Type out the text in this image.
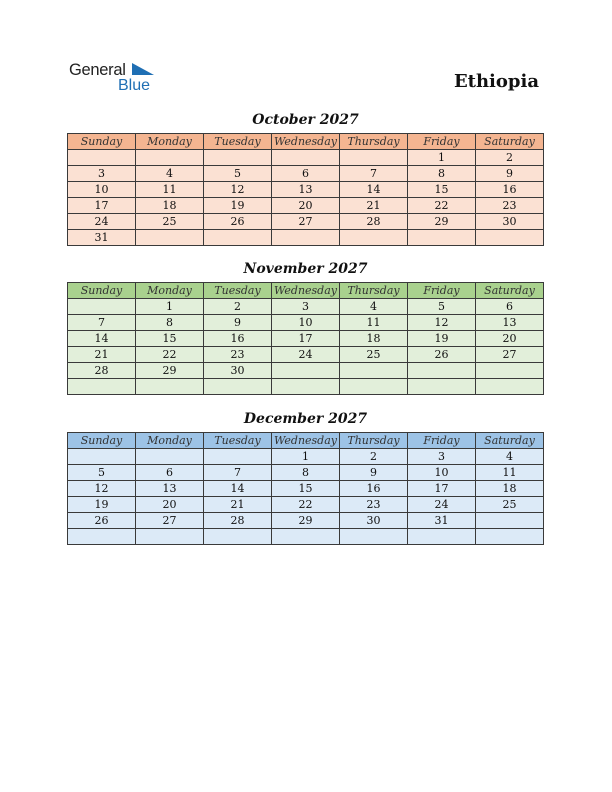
General
Blue	Ethiopia
October 2027
Sunday	Monday	Tuesday	Wednesday	Thursday	Friday	Saturday
					1	2
3	4	5	6	7	8	9
10	11	12	13	14	15	16
17	18	19	20	21	22	23
24	25	26	27	28	29	30
31						
November 2027
Sunday	Monday	Tuesday	Wednesday	Thursday	Friday	Saturday
	1	2	3	4	5	6
7	8	9	10	11	12	13
14	15	16	17	18	19	20
21	22	23	24	25	26	27
28	29	30				

December 2027
Sunday	Monday	Tuesday	Wednesday	Thursday	Friday	Saturday
			1	2	3	4
5	6	7	8	9	10	11
12	13	14	15	16	17	18
19	20	21	22	23	24	25
26	27	28	29	30	31	
